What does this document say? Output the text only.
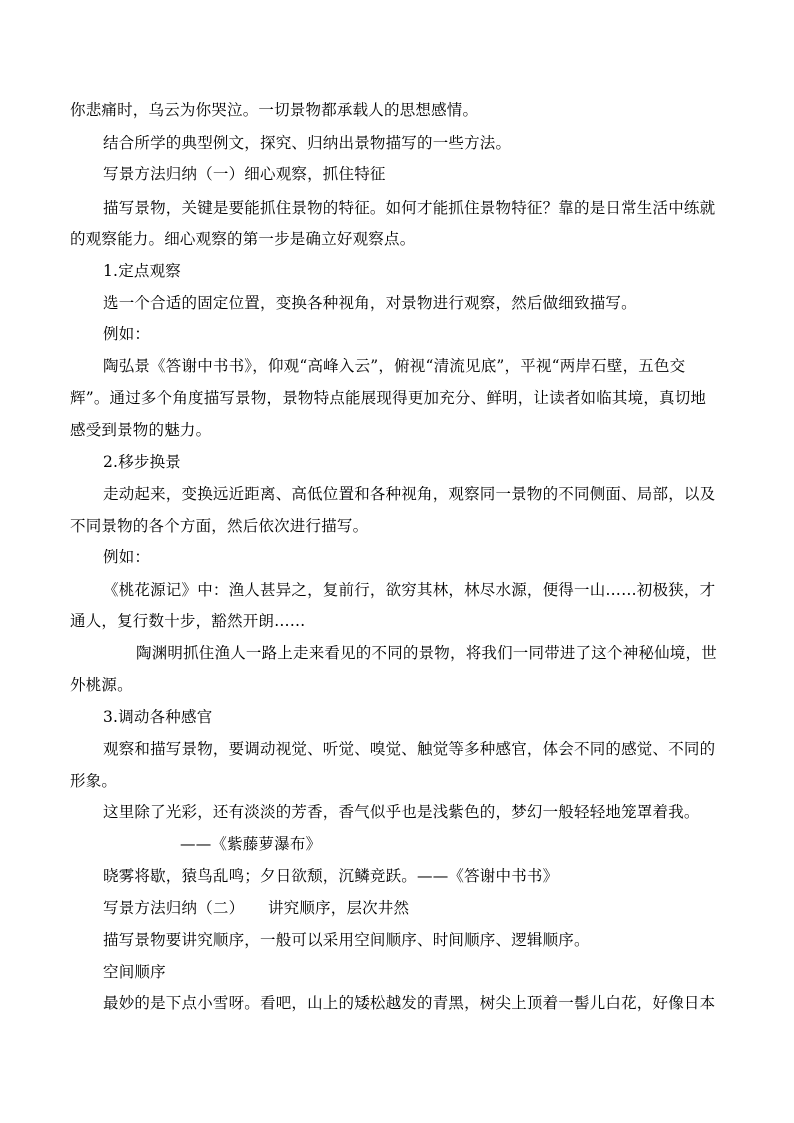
你悲痛时，乌云为你哭泣。一切景物都承载人的思想感情。
结合所学的典型例文，探究、归纳出景物描写的一些方法。
写景方法归纳（一）细心观察，抓住特征
描写景物，关键是要能抓住景物的特征。如何才能抓住景物特征？靠的是日常生活中练就
的观察能力。细心观察的第一步是确立好观察点。
1.定点观察
选一个合适的固定位置，变换各种视角，对景物进行观察，然后做细致描写。
例如：
陶弘景《答谢中书书》，仰观“高峰入云”，俯视“清流见底”，平视“两岸石壁，五色交
辉”。通过多个角度描写景物，景物特点能展现得更加充分、鲜明，让读者如临其境，真切地
感受到景物的魅力。
2.移步换景
走动起来，变换远近距离、高低位置和各种视角，观察同一景物的不同侧面、局部，以及
不同景物的各个方面，然后依次进行描写。
例如：
《桃花源记》中：渔人甚异之，复前行，欲穷其林，林尽水源，便得一山……初极狭，才
通人，复行数十步，豁然开朗……
陶渊明抓住渔人一路上走来看见的不同的景物，将我们一同带进了这个神秘仙境，世
外桃源。
3.调动各种感官
观察和描写景物，要调动视觉、听觉、嗅觉、触觉等多种感官，体会不同的感觉、不同的
形象。
这里除了光彩，还有淡淡的芳香，香气似乎也是浅紫色的，梦幻一般轻轻地笼罩着我。
——《紫藤萝瀑布》
晓雾将歇，猿鸟乱鸣；夕日欲颓，沉鳞竞跃。——《答谢中书书》
写景方法归纳（二）　　讲究顺序，层次井然
描写景物要讲究顺序，一般可以采用空间顺序、时间顺序、逻辑顺序。
空间顺序
最妙的是下点小雪呀。看吧，山上的矮松越发的青黑，树尖上顶着一髻儿白花，好像日本
